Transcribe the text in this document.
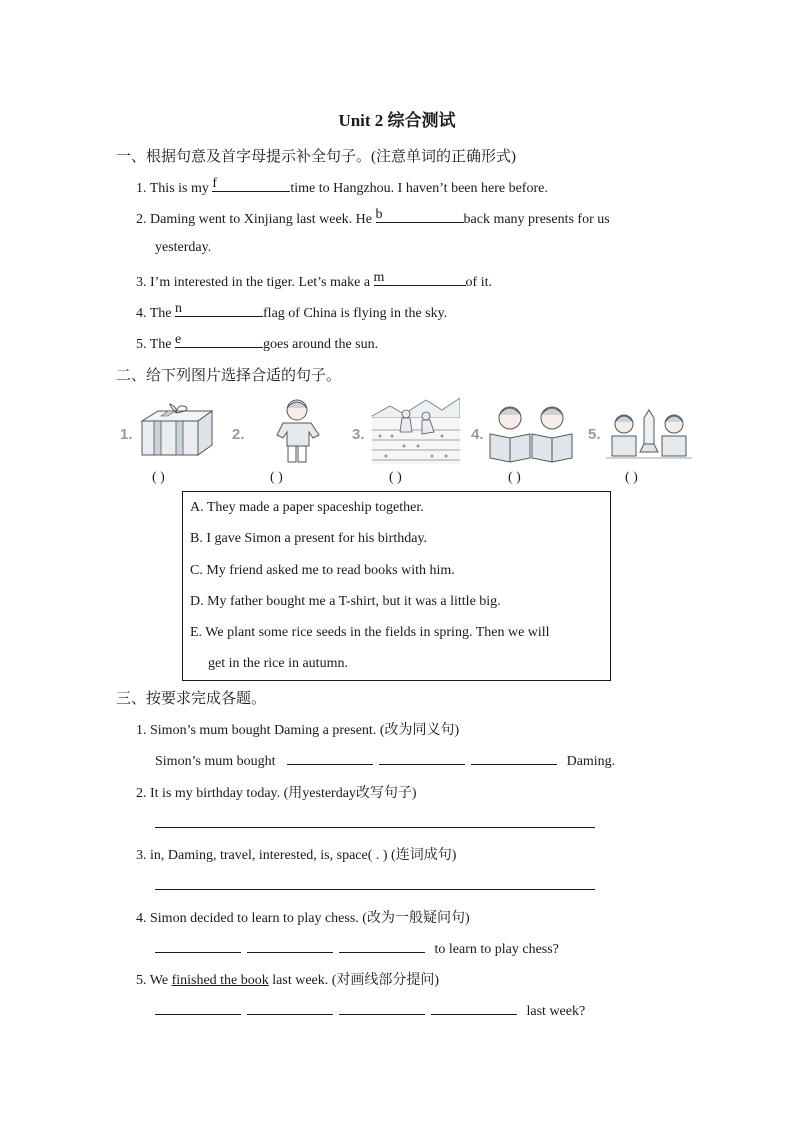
Unit 2 综合测试
一、根据句意及首字母提示补全句子。(注意单词的正确形式)
1. This is my f	time to Hangzhou. I haven’t been here before.
2. Daming went to Xinjiang last week. He b	back many presents for us
yesterday.
3. I’m interested in the tiger. Let’s make a m	of it.
4. The n	flag of China is flying in the sky.
5. The e	goes around the sun.
二、给下列图片选择合适的句子。
1.	2.	3.	4.	5.
( )	( )	( )	( )	( )
A. They made a paper spaceship together.
B. I gave Simon a present for his birthday.
C. My friend asked me to read books with him.
D. My father bought me a T-shirt, but it was a little big.
E. We plant some rice seeds in the fields in spring. Then we will
get in the rice in autumn.
三、按要求完成各题。
1. Simon’s mum bought Daming a present. (改为同义句)
Simon’s mum bought	Daming.
2. It is my birthday today. (用yesterday改写句子)
3. in, Daming, travel, interested, is, space( . ) (连词成句)
4. Simon decided to learn to play chess. (改为一般疑问句)
to learn to play chess?
5. We finished the book last week. (对画线部分提问)
last week?
